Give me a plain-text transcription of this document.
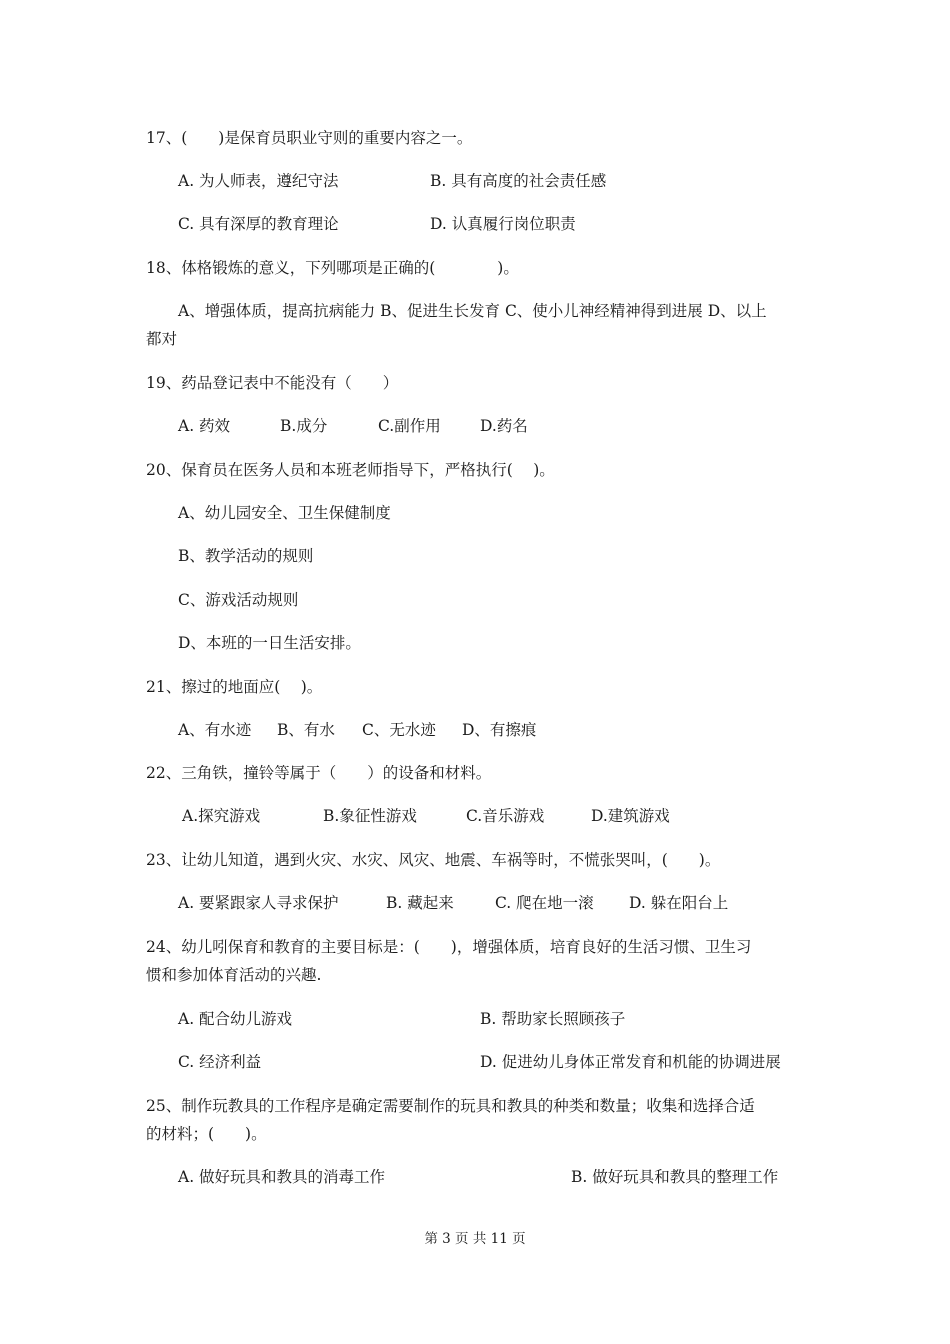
17、(　　)是保育员职业守则的重要内容之一。
A. 为人师表，遵纪守法	B. 具有高度的社会责任感
C. 具有深厚的教育理论	D. 认真履行岗位职责
18、体格锻炼的意义，下列哪项是正确的(　　　　)。
A、增强体质，提高抗病能力 B、促进生长发育 C、使小儿神经精神得到进展 D、以上
都对
19、药品登记表中不能没有（　　）
A. 药效	B.成分	C.副作用	D.药名
20、保育员在医务人员和本班老师指导下，严格执行(　 )。
A、幼儿园安全、卫生保健制度
B、教学活动的规则
C、游戏活动规则
D、本班的一日生活安排。
21、擦过的地面应(　 )。
A、有水迹 B、有水 C、无水迹 D、有擦痕
22、三角铁，撞铃等属于（　　）的设备和材料。
A.探究游戏	B.象征性游戏	C.音乐游戏	D.建筑游戏
23、让幼儿知道，遇到火灾、水灾、风灾、地震、车祸等时，不慌张哭叫，(　　)。
A. 要紧跟家人寻求保护	B. 藏起来	C. 爬在地一滚 D. 躲在阳台上
24、幼儿吲保育和教育的主要目标是：(　　)，增强体质，培育良好的生活习惯、卫生习
惯和参加体育活动的兴趣.
A. 配合幼儿游戏	B. 帮助家长照顾孩子
C. 经济利益	D. 促进幼儿身体正常发育和机能的协调进展
25、制作玩教具的工作程序是确定需要制作的玩具和教具的种类和数量；收集和选择合适
的材料；(　　)。
A. 做好玩具和教具的消毒工作	B. 做好玩具和教具的整理工作
第 3 页 共 11 页
